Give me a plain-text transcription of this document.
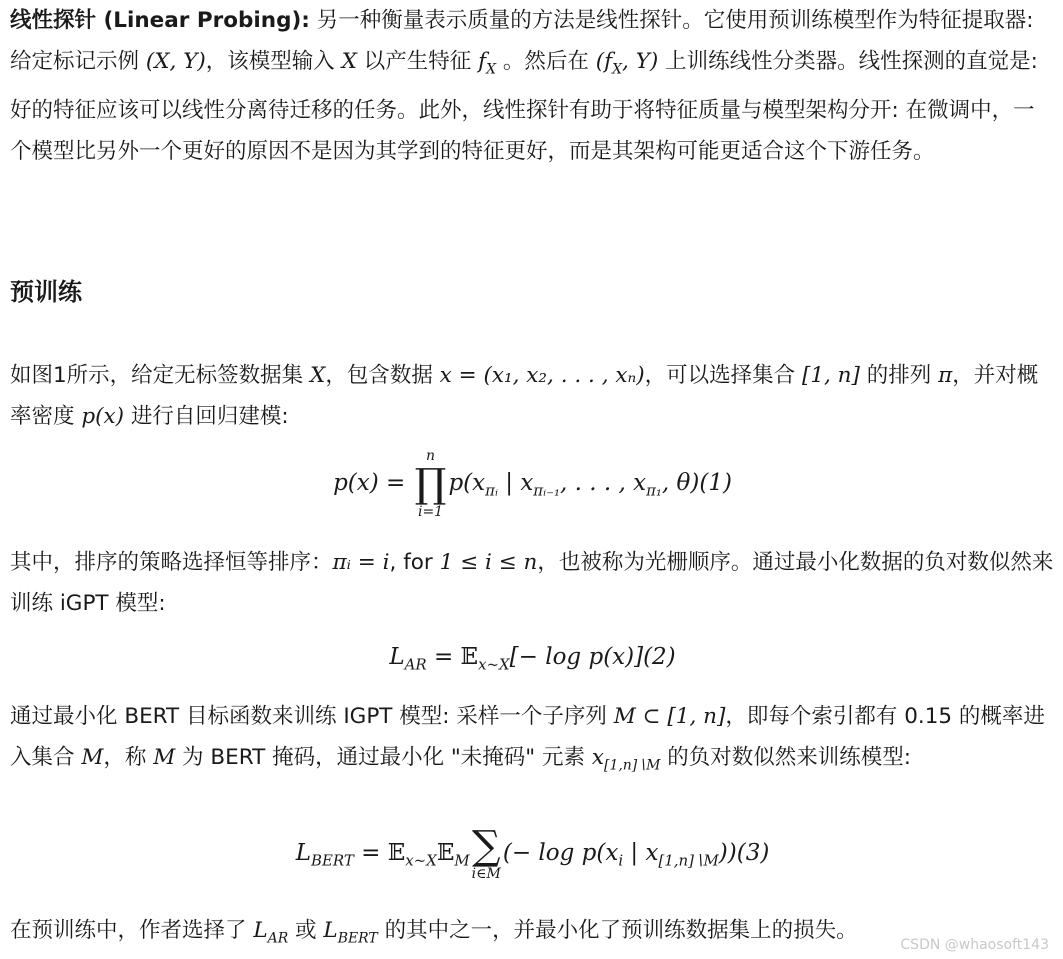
线性探针 (Linear Probing): 另一种衡量表示质量的方法是线性探针。它使用预训练模型作为特征提取器: 给定标记示例 (X, Y)，该模型输入 X 以产生特征 $f_X$ 。然后在 ($f_X$, Y) 上训练线性分类器。线性探测的直觉是: 好的特征应该可以线性分离待迁移的任务。此外，线性探针有助于将特征质量与模型架构分开: 在微调中，一个模型比另外一个更好的原因不是因为其学到的特征更好，而是其架构可能更适合这个下游任务。

预训练

如图1所示，给定无标签数据集 X，包含数据 x = (x₁, x₂, . . . , xₙ)，可以选择集合 [1, n] 的排列 π，并对概率密度 p(x) 进行自回归建模:

p(x) =
n
∏
i=1
$p(x_{\pi ᵢ}$ | $x_{\pi ᵢ_{-1}}$, . . . , $x_{\pi_1}$, θ)(1)

其中，排序的策略选择恒等排序：πᵢ = i, for 1 ≤ i ≤ n，也被称为光栅顺序。通过最小化数据的负对数似然来训练 iGPT 模型:

$L_{AR}$ = 𝔼$_{x\sim X}$[− log p(x)](2)

通过最小化 BERT 目标函数来训练 IGPT 模型: 采样一个子序列 M ⊂ [1, n]，即每个索引都有 0.15 的概率进入集合 M，称 M 为 BERT 掩码，通过最小化 "未掩码" 元素 $x_{[1,n]∖M}$ 的负对数似然来训练模型:

$L_{BERT}$ = 𝔼$_{x\sim X}$𝔼$_M$ ∑
i∈M
(− $\log p(x_i$ | $x_{[1,n]∖M}))(3)$

在预训练中，作者选择了 $L_{AR}$ 或 $L_{BERT}$ 的其中之一，并最小化了预训练数据集上的损失。

CSDN @whaosoft143
